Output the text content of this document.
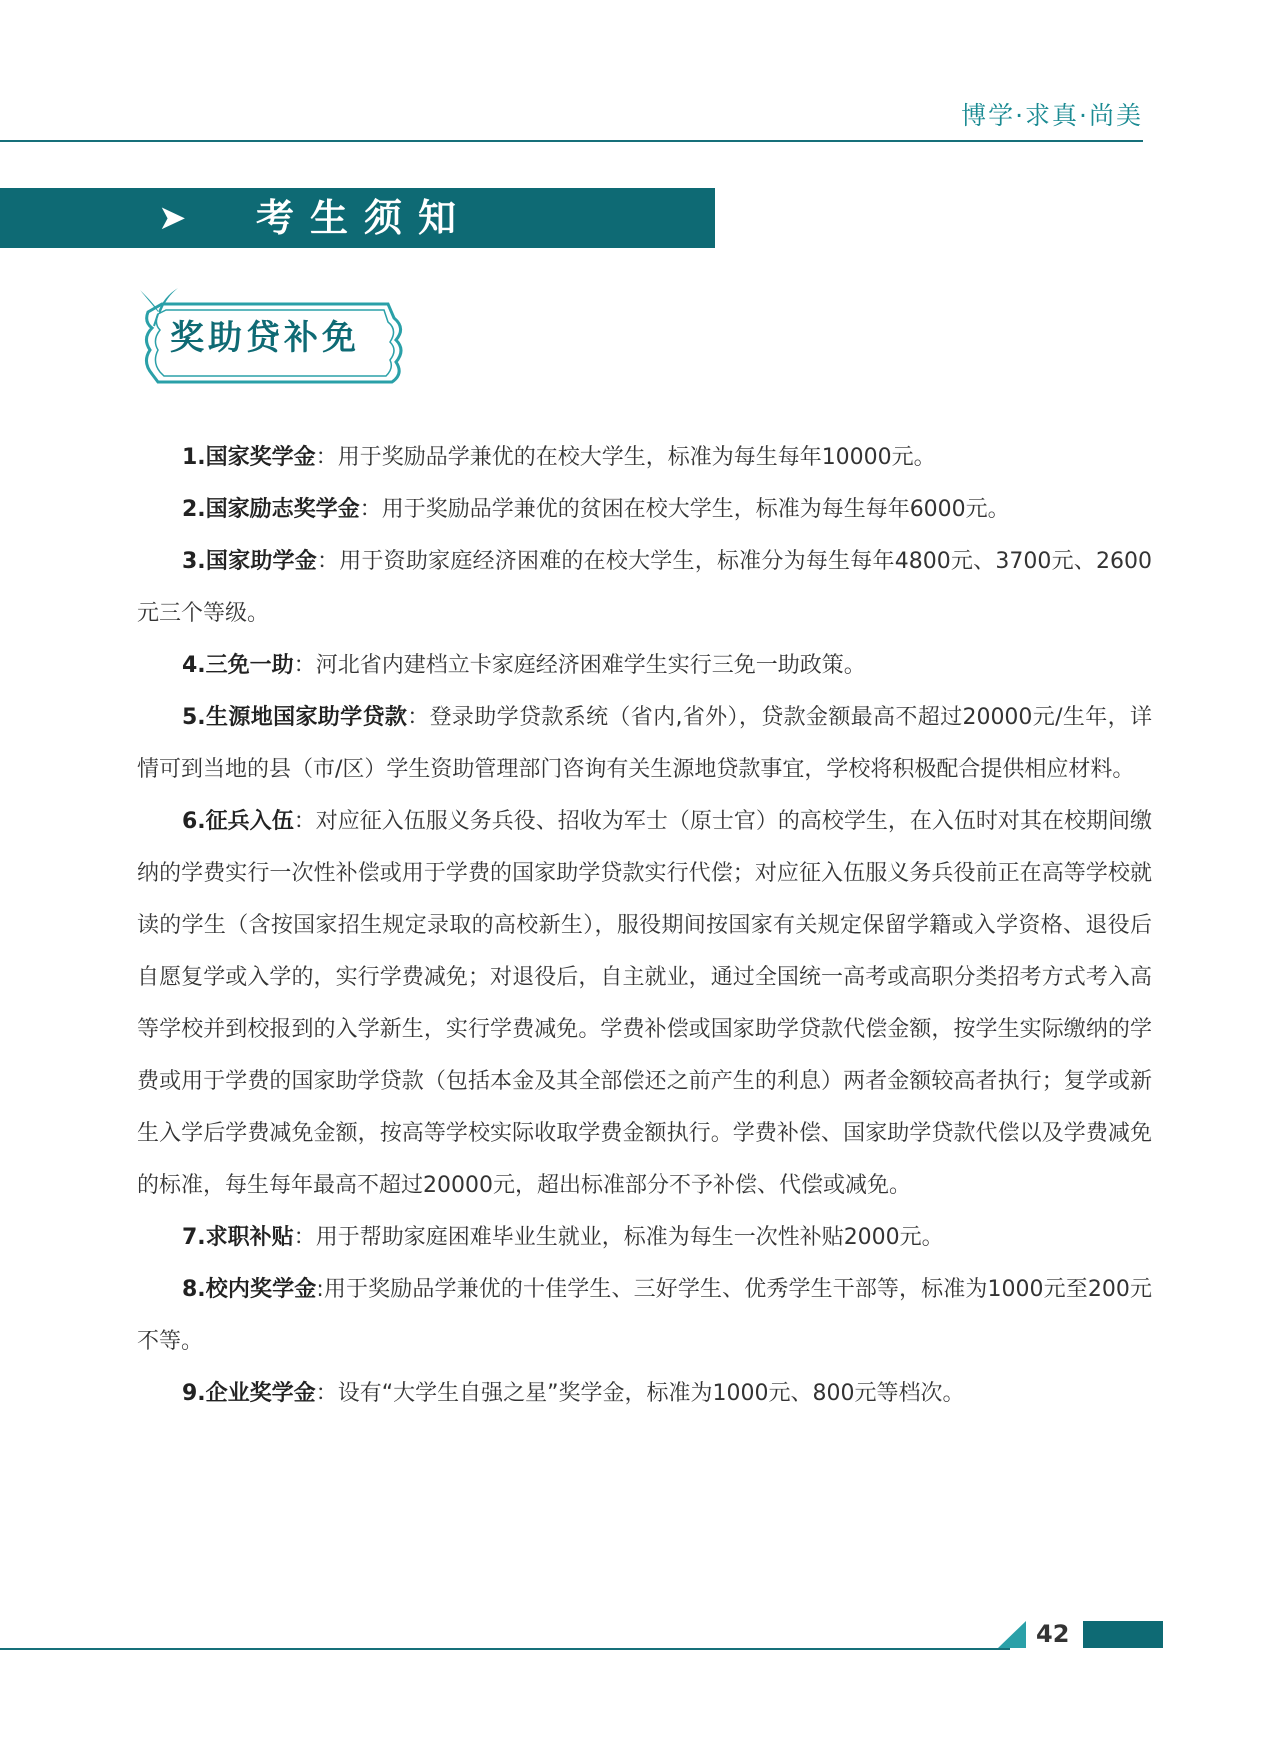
博学·求真·尚美
➤ 考生须知
奖助贷补免

1.国家奖学金：用于奖励品学兼优的在校大学生，标准为每生每年10000元。

2.国家励志奖学金：用于奖励品学兼优的贫困在校大学生，标准为每生每年6000元。

3.国家助学金：用于资助家庭经济困难的在校大学生，标准分为每生每年4800元、3700元、2600元三个等级。

4.三免一助：河北省内建档立卡家庭经济困难学生实行三免一助政策。

5.生源地国家助学贷款：登录助学贷款系统（省内,省外），贷款金额最高不超过20000元/生年，详情可到当地的县（市/区）学生资助管理部门咨询有关生源地贷款事宜，学校将积极配合提供相应材料。

6.征兵入伍：对应征入伍服义务兵役、招收为军士（原士官）的高校学生，在入伍时对其在校期间缴纳的学费实行一次性补偿或用于学费的国家助学贷款实行代偿；对应征入伍服义务兵役前正在高等学校就读的学生（含按国家招生规定录取的高校新生），服役期间按国家有关规定保留学籍或入学资格、退役后自愿复学或入学的，实行学费减免；对退役后，自主就业，通过全国统一高考或高职分类招考方式考入高等学校并到校报到的入学新生，实行学费减免。学费补偿或国家助学贷款代偿金额，按学生实际缴纳的学费或用于学费的国家助学贷款（包括本金及其全部偿还之前产生的利息）两者金额较高者执行；复学或新生入学后学费减免金额，按高等学校实际收取学费金额执行。学费补偿、国家助学贷款代偿以及学费减免的标准，每生每年最高不超过20000元，超出标准部分不予补偿、代偿或减免。

7.求职补贴：用于帮助家庭困难毕业生就业，标准为每生一次性补贴2000元。

8.校内奖学金:用于奖励品学兼优的十佳学生、三好学生、优秀学生干部等，标准为1000元至200元不等。

9.企业奖学金：设有“大学生自强之星”奖学金，标准为1000元、800元等档次。

42
